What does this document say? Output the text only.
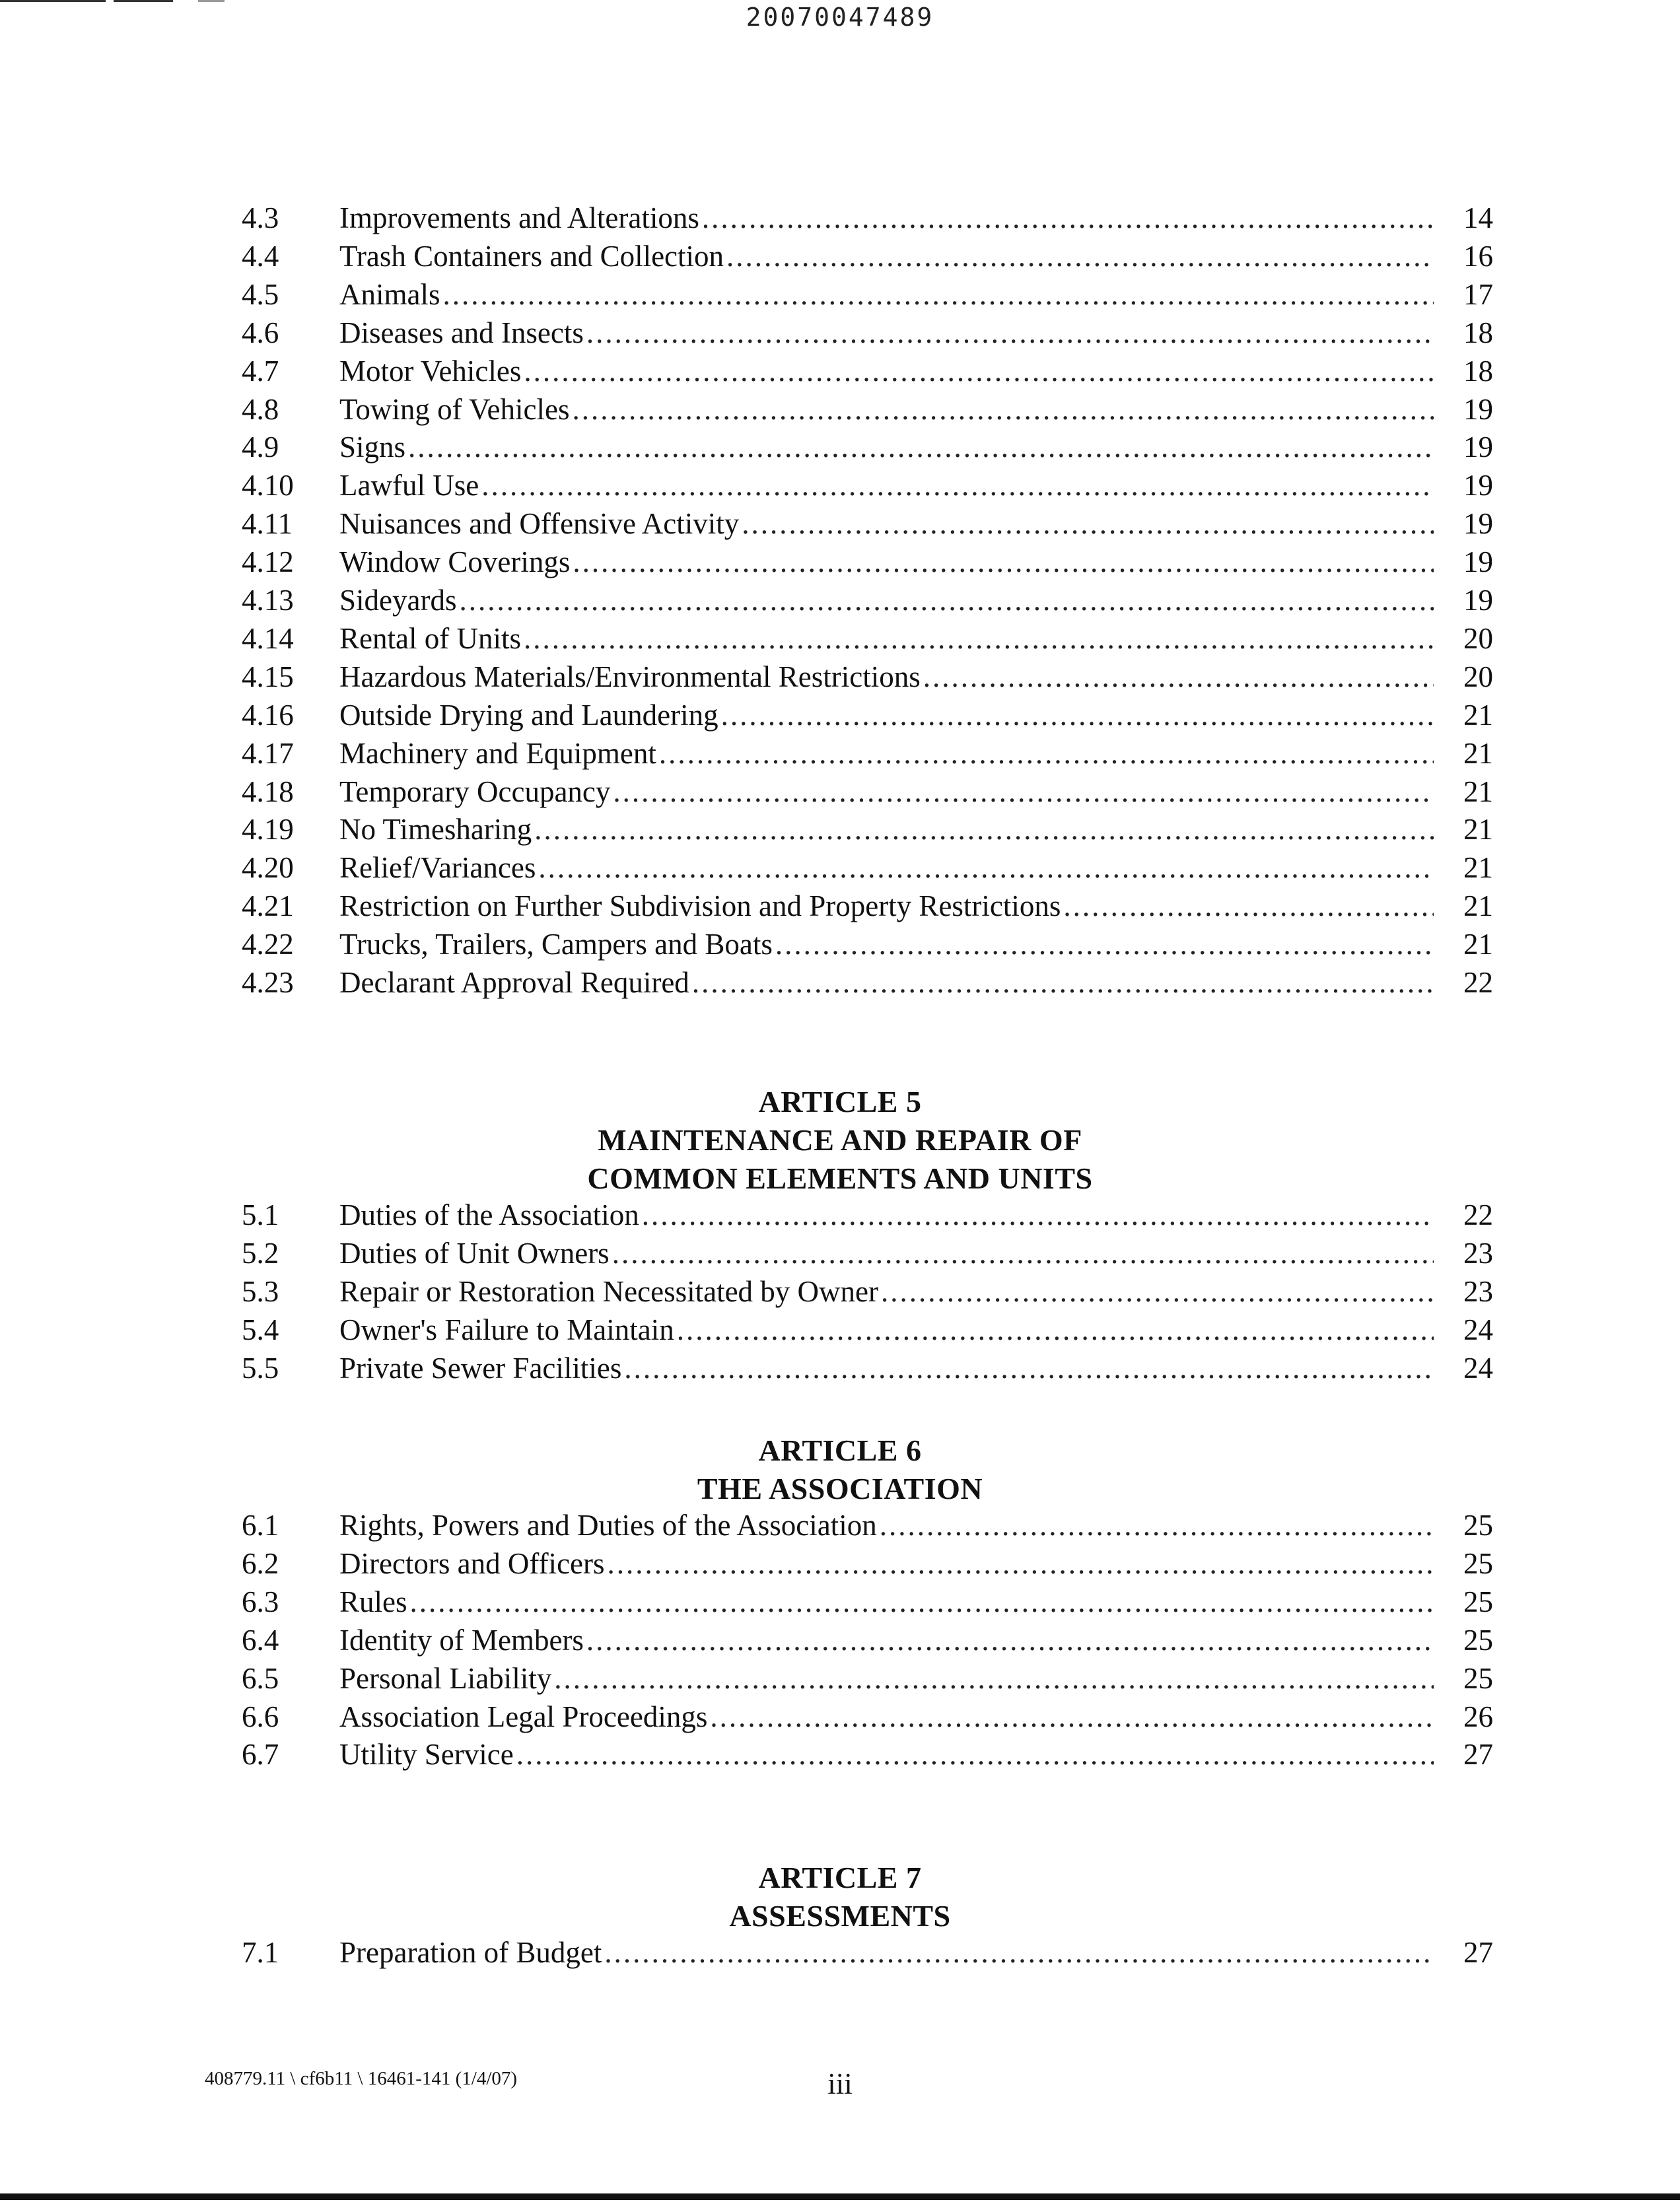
20070047489
4.3 Improvements and Alterations .....	14
4.4 Trash Containers and Collection .....	16
4.5 Animals .....	17
4.6 Diseases and Insects .....	18
4.7 Motor Vehicles .....	18
4.8 Towing of Vehicles .....	19
4.9 Signs .....	19
4.10 Lawful Use .....	19
4.11 Nuisances and Offensive Activity .....	19
4.12 Window Coverings .....	19
4.13 Sideyards .....	19
4.14 Rental of Units .....	20
4.15 Hazardous Materials/Environmental Restrictions .....	20
4.16 Outside Drying and Laundering .....	21
4.17 Machinery and Equipment .....	21
4.18 Temporary Occupancy .....	21
4.19 No Timesharing .....	21
4.20 Relief/Variances .....	21
4.21 Restriction on Further Subdivision and Property Restrictions .....	21
4.22 Trucks, Trailers, Campers and Boats .....	21
4.23 Declarant Approval Required .....	22
ARTICLE 5
MAINTENANCE AND REPAIR OF
COMMON ELEMENTS AND UNITS
5.1 Duties of the Association .....	22
5.2 Duties of Unit Owners .....	23
5.3 Repair or Restoration Necessitated by Owner .....	23
5.4 Owner's Failure to Maintain .....	24
5.5 Private Sewer Facilities .....	24
ARTICLE 6
THE ASSOCIATION
6.1 Rights, Powers and Duties of the Association .....	25
6.2 Directors and Officers .....	25
6.3 Rules .....	25
6.4 Identity of Members .....	25
6.5 Personal Liability .....	25
6.6 Association Legal Proceedings .....	26
6.7 Utility Service .....	27
ARTICLE 7
ASSESSMENTS
7.1 Preparation of Budget .....	27
408779.11 \ cf6b11 \ 16461-141 (1/4/07)	iii
